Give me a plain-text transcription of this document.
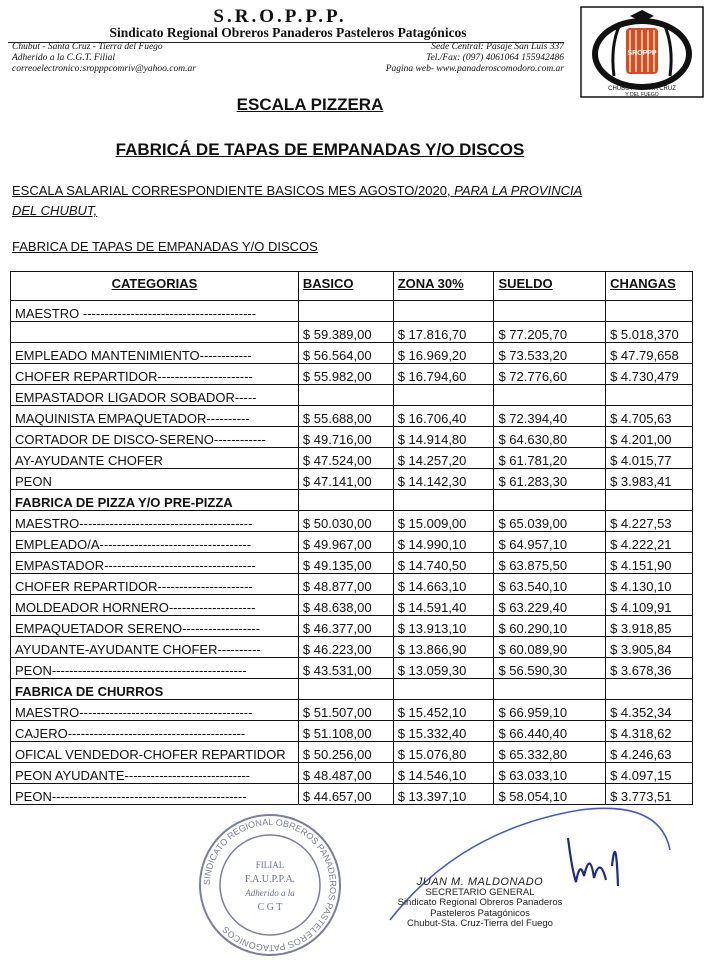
S.R.O.P.P.P.
Sindicato Regional Obreros Panaderos Pasteleros Patagónicos
Chubut - Santa Cruz - Tierra del Fuego
Adherido a la C.G.T. Filial
correoelectronico:sropppcomriv@yahoo.com.ar
Sede Central: Pasaje San Luis 337
Tel./Fax: (097) 4061064 155942486
Pagina web- www.panaderoscomodoro.com.ar
CHUBUT - SANTA CRUZ
Y DEL FUEGO
SROPPP
ESCALA PIZZERA
FABRICÁ DE TAPAS DE EMPANADAS Y/O DISCOS
ESCALA SALARIAL CORRESPONDIENTE BASICOS MES AGOSTO/2020, PARA LA PROVINCIA
DEL CHUBUT,
FABRICA DE TAPAS DE EMPANADAS Y/O DISCOS
CATEGORIAS	BASICO	ZONA 30%	SUELDO	CHANGAS
MAESTRO ----------------------------------------				
	$ 59.389,00	$ 17.816,70	$ 77.205,70	$ 5.018,370
EMPLEADO MANTENIMIENTO------------	$ 56.564,00	$ 16.969,20	$ 73.533,20	$ 47.79,658
CHOFER REPARTIDOR----------------------	$ 55.982,00	$ 16.794,60	$ 72.776,60	$ 4.730,479
EMPASTADOR LIGADOR SOBADOR-----				
MAQUINISTA EMPAQUETADOR----------	$ 55.688,00	$ 16.706,40	$ 72.394,40	$ 4.705,63
CORTADOR DE DISCO-SERENO------------	$ 49.716,00	$ 14.914,80	$ 64.630,80	$ 4.201,00
AY-AYUDANTE CHOFER	$ 47.524,00	$ 14.257,20	$ 61.781,20	$ 4.015,77
PEON	$ 47.141,00	$ 14.142,30	$ 61.283,30	$ 3.983,41
FABRICA DE PIZZA Y/O PRE-PIZZA				
MAESTRO----------------------------------------	$ 50.030,00	$ 15.009,00	$ 65.039,00	$ 4.227,53
EMPLEADO/A-----------------------------------	$ 49.967,00	$ 14.990,10	$ 64.957,10	$ 4.222,21
EMPASTADOR-----------------------------------	$ 49.135,00	$ 14.740,50	$ 63.875,50	$ 4.151,90
CHOFER REPARTIDOR----------------------	$ 48.877,00	$ 14.663,10	$ 63.540,10	$ 4.130,10
MOLDEADOR HORNERO--------------------	$ 48.638,00	$ 14.591,40	$ 63.229,40	$ 4.109,91
EMPAQUETADOR SERENO------------------	$ 46.377,00	$ 13.913,10	$ 60.290,10	$ 3.918,85
AYUDANTE-AYUDANTE CHOFER----------	$ 46.223,00	$ 13.866,90	$ 60.089,90	$ 3.905,84
PEON---------------------------------------------	$ 43.531,00	$ 13.059,30	$ 56.590,30	$ 3.678,36
FABRICA DE CHURROS				
MAESTRO----------------------------------------	$ 51.507,00	$ 15.452,10	$ 66.959,10	$ 4.352,34
CAJERO-----------------------------------------	$ 51.108,00	$ 15.332,40	$ 66.440,40	$ 4.318,62
OFICAL VENDEDOR-CHOFER REPARTIDOR	$ 50.256,00	$ 15.076,80	$ 65.332,80	$ 4.246,63
PEON AYUDANTE-----------------------------	$ 48.487,00	$ 14.546,10	$ 63.033,10	$ 4.097,15
PEON---------------------------------------------	$ 44.657,00	$ 13.397,10	$ 58.054,10	$ 3.773,51
SINDICATO REGIONAL OBREROS PANADEROS PASTELEROS PATAGONICOS
FILIAL
F.A.U.P.P.A.
Adherido a la
C G T
JUAN M. MALDONADO
SECRETARIO GENERAL
Sindicato Regional Obreros Panaderos
Pasteleros Patagónicos
Chubut-Sta. Cruz-Tierra del Fuego
